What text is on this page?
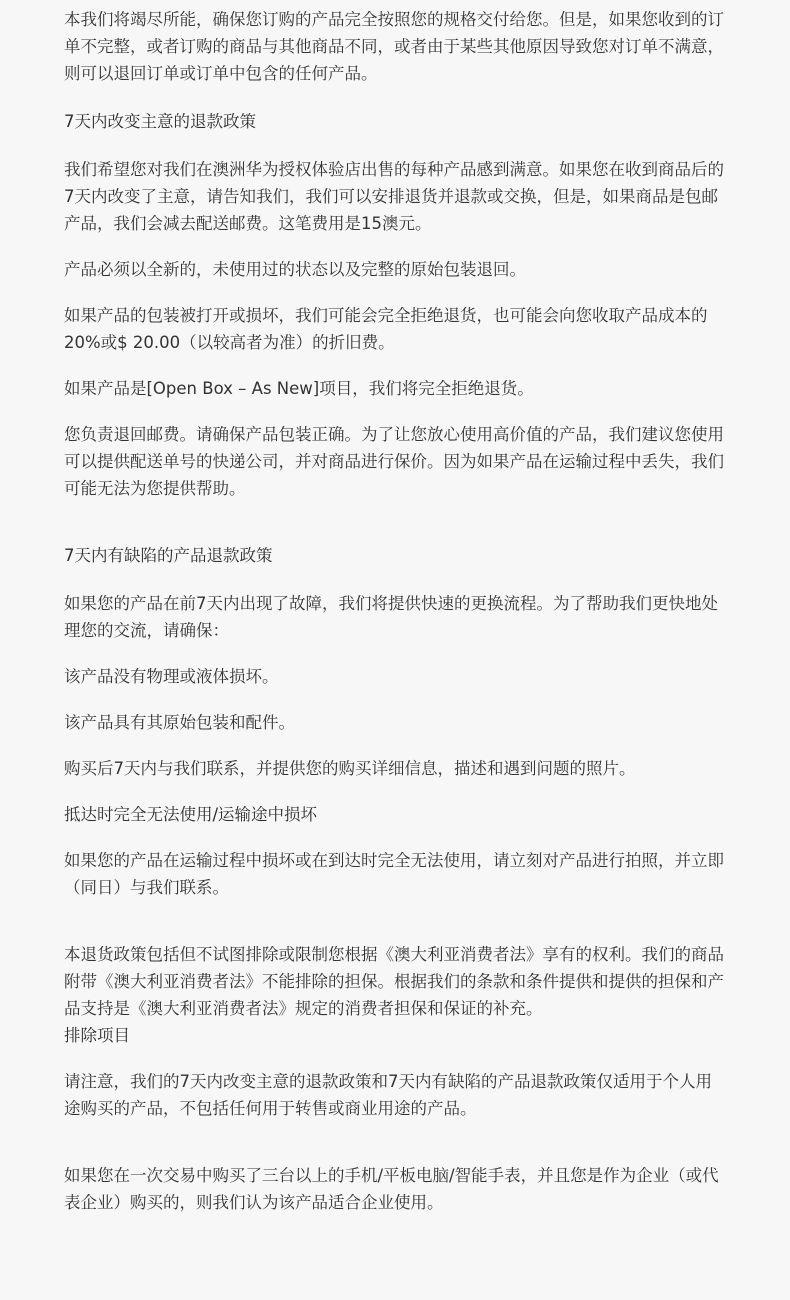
本我们将竭尽所能，确保您订购的产品完全按照您的规格交付给您。但是，如果您收到的订单不完整，或者订购的商品与其他商品不同，或者由于某些其他原因导致您对订单不满意，则可以退回订单或订单中包含的任何产品。

7天内改变主意的退款政策

我们希望您对我们在澳洲华为授权体验店出售的每种产品感到满意。如果您在收到商品后的7天内改变了主意，请告知我们，我们可以安排退货并退款或交换，但是，如果商品是包邮产品，我们会减去配送邮费。这笔费用是15澳元。

产品必须以全新的，未使用过的状态以及完整的原始包装退回。

如果产品的包装被打开或损坏，我们可能会完全拒绝退货，也可能会向您收取产品成本的20%或$ 20.00（以较高者为准）的折旧费。

如果产品是[Open Box – As New]项目，我们将完全拒绝退货。

您负责退回邮费。请确保产品包装正确。为了让您放心使用高价值的产品，我们建议您使用可以提供配送单号的快递公司，并对商品进行保价。因为如果产品在运输过程中丢失，我们可能无法为您提供帮助。

7天内有缺陷的产品退款政策

如果您的产品在前7天内出现了故障，我们将提供快速的更换流程。为了帮助我们更快地处理您的交流，请确保：

该产品没有物理或液体损坏。

该产品具有其原始包装和配件。

购买后7天内与我们联系，并提供您的购买详细信息，描述和遇到问题的照片。

抵达时完全无法使用/运输途中损坏

如果您的产品在运输过程中损坏或在到达时完全无法使用，请立刻对产品进行拍照，并立即（同日）与我们联系。

本退货政策包括但不试图排除或限制您根据《澳大利亚消费者法》享有的权利。我们的商品附带《澳大利亚消费者法》不能排除的担保。根据我们的条款和条件提供和提供的担保和产品支持是《澳大利亚消费者法》规定的消费者担保和保证的补充。

排除项目

请注意，我们的7天内改变主意的退款政策和7天内有缺陷的产品退款政策仅适用于个人用途购买的产品，不包括任何用于转售或商业用途的产品。

如果您在一次交易中购买了三台以上的手机/平板电脑/智能手表，并且您是作为企业（或代表企业）购买的，则我们认为该产品适合企业使用。
